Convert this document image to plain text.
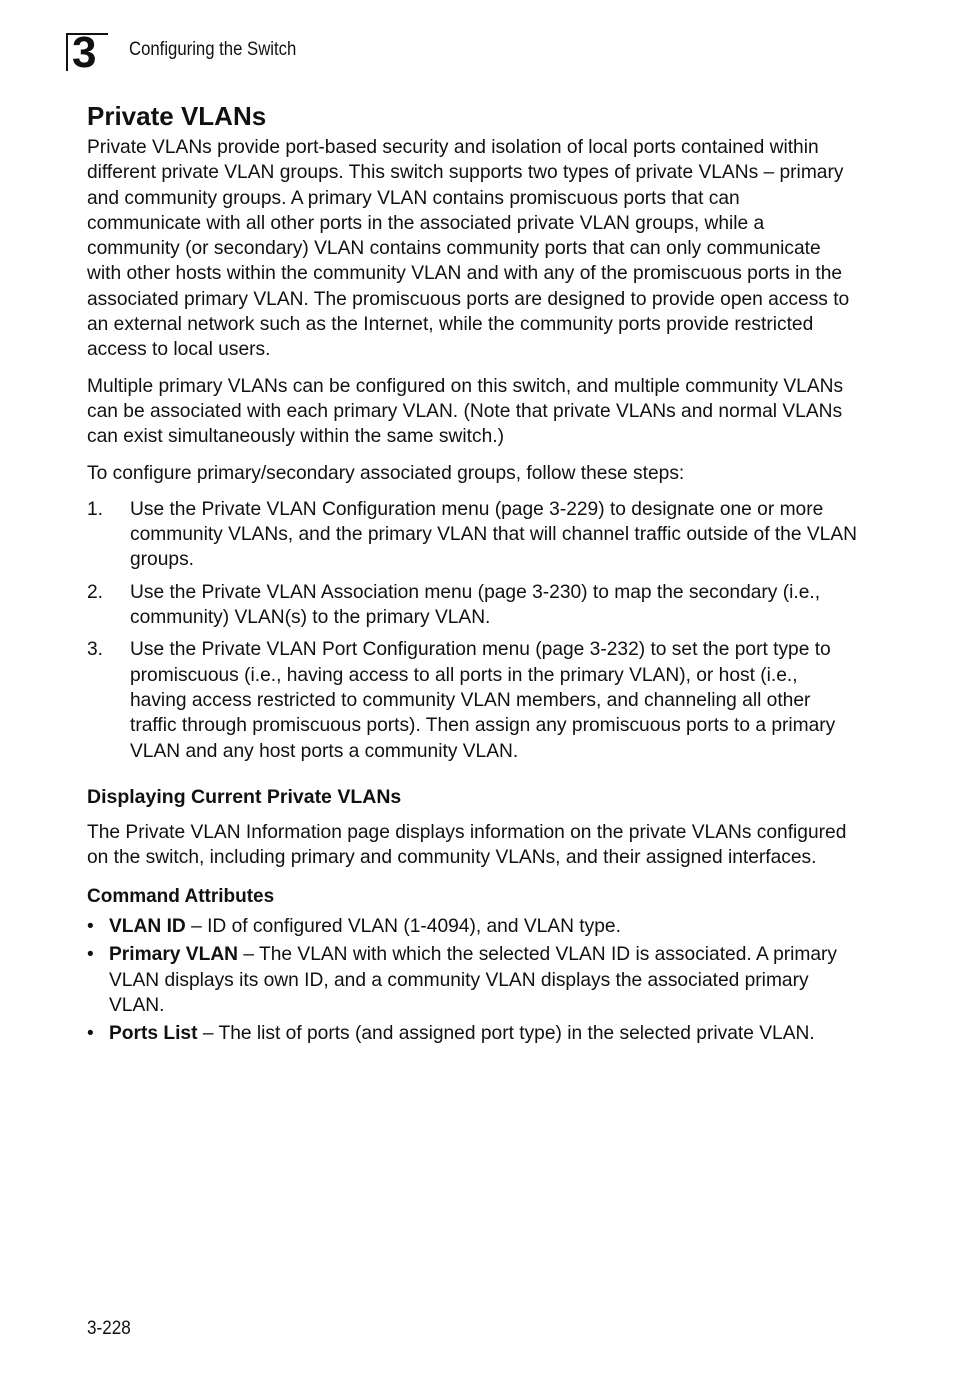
3 Configuring the Switch
Private VLANs

Private VLANs provide port-based security and isolation of local ports contained within different private VLAN groups. This switch supports two types of private VLANs – primary and community groups. A primary VLAN contains promiscuous ports that can communicate with all other ports in the associated private VLAN groups, while a community (or secondary) VLAN contains community ports that can only communicate with other hosts within the community VLAN and with any of the promiscuous ports in the associated primary VLAN. The promiscuous ports are designed to provide open access to an external network such as the Internet, while the community ports provide restricted access to local users.

Multiple primary VLANs can be configured on this switch, and multiple community VLANs can be associated with each primary VLAN. (Note that private VLANs and normal VLANs can exist simultaneously within the same switch.)

To configure primary/secondary associated groups, follow these steps:

1. Use the Private VLAN Configuration menu (page 3-229) to designate one or more community VLANs, and the primary VLAN that will channel traffic outside of the VLAN groups.
2. Use the Private VLAN Association menu (page 3-230) to map the secondary (i.e., community) VLAN(s) to the primary VLAN.
3. Use the Private VLAN Port Configuration menu (page 3-232) to set the port type to promiscuous (i.e., having access to all ports in the primary VLAN), or host (i.e., having access restricted to community VLAN members, and channeling all other traffic through promiscuous ports). Then assign any promiscuous ports to a primary VLAN and any host ports a community VLAN.
Displaying Current Private VLANs

The Private VLAN Information page displays information on the private VLANs configured on the switch, including primary and community VLANs, and their assigned interfaces.

Command Attributes
• VLAN ID – ID of configured VLAN (1-4094), and VLAN type.
• Primary VLAN – The VLAN with which the selected VLAN ID is associated. A primary VLAN displays its own ID, and a community VLAN displays the associated primary VLAN.
• Ports List – The list of ports (and assigned port type) in the selected private VLAN.
3-228
